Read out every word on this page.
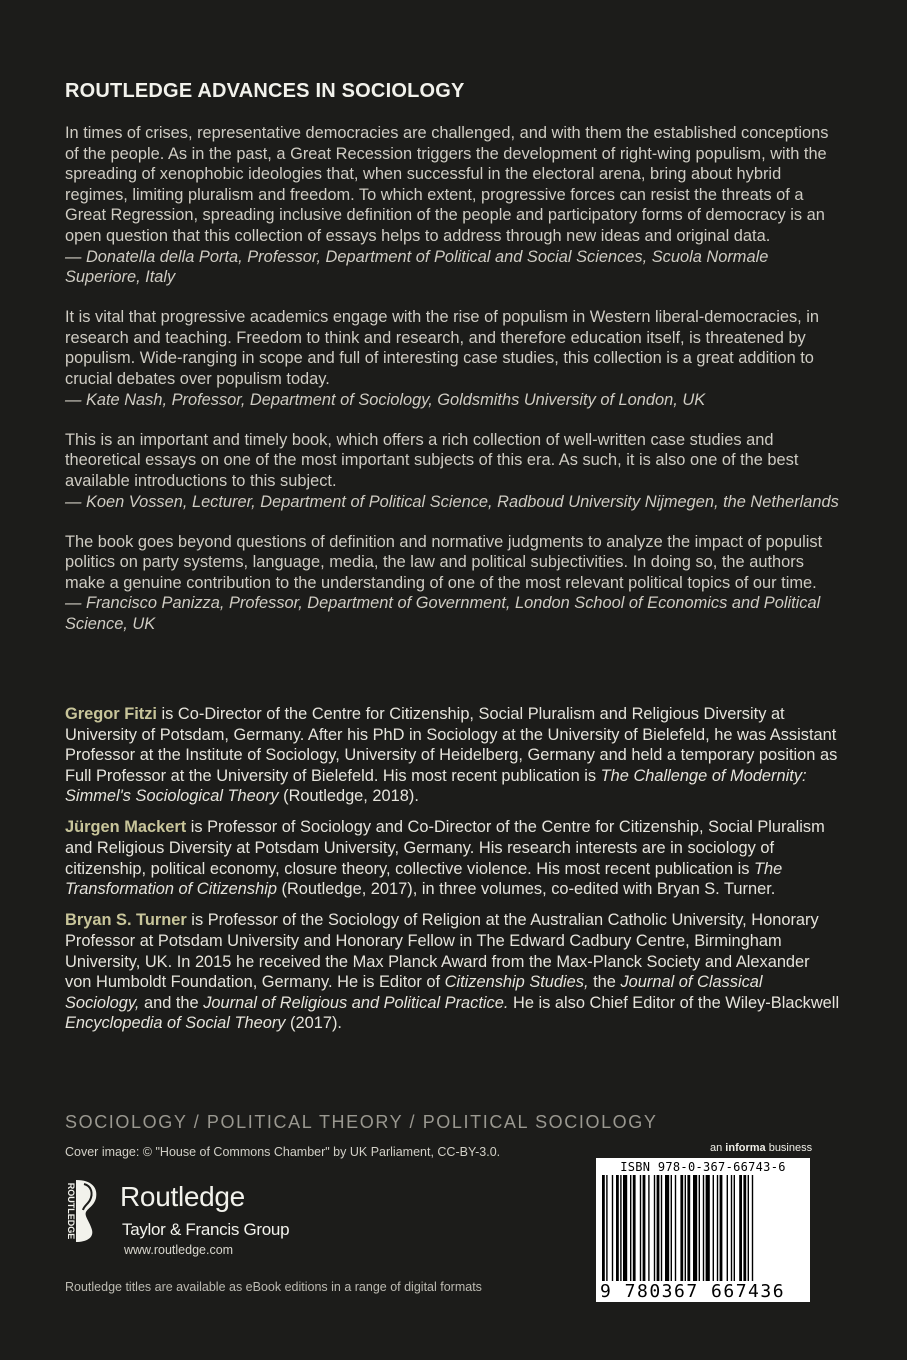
ROUTLEDGE ADVANCES IN SOCIOLOGY

In times of crises, representative democracies are challenged, and with them the established conceptions of the people. As in the past, a Great Recession triggers the development of right-wing populism, with the spreading of xenophobic ideologies that, when successful in the electoral arena, bring about hybrid regimes, limiting pluralism and freedom. To which extent, progressive forces can resist the threats of a Great Regression, spreading inclusive definition of the people and participatory forms of democracy is an open question that this collection of essays helps to address through new ideas and original data.

— Donatella della Porta, Professor, Department of Political and Social Sciences, Scuola Normale Superiore, Italy

It is vital that progressive academics engage with the rise of populism in Western liberal-democracies, in research and teaching. Freedom to think and research, and therefore education itself, is threatened by populism. Wide-ranging in scope and full of interesting case studies, this collection is a great addition to crucial debates over populism today.

— Kate Nash, Professor, Department of Sociology, Goldsmiths University of London, UK

This is an important and timely book, which offers a rich collection of well-written case studies and theoretical essays on one of the most important subjects of this era. As such, it is also one of the best available introductions to this subject.

— Koen Vossen, Lecturer, Department of Political Science, Radboud University Nijmegen, the Netherlands

The book goes beyond questions of definition and normative judgments to analyze the impact of populist politics on party systems, language, media, the law and political subjectivities. In doing so, the authors make a genuine contribution to the understanding of one of the most relevant political topics of our time.

— Francisco Panizza, Professor, Department of Government, London School of Economics and Political Science, UK

Gregor Fitzi is Co-Director of the Centre for Citizenship, Social Pluralism and Religious Diversity at University of Potsdam, Germany. After his PhD in Sociology at the University of Bielefeld, he was Assistant Professor at the Institute of Sociology, University of Heidelberg, Germany and held a temporary position as Full Professor at the University of Bielefeld. His most recent publication is The Challenge of Modernity: Simmel's Sociological Theory (Routledge, 2018).

Jürgen Mackert is Professor of Sociology and Co-Director of the Centre for Citizenship, Social Pluralism and Religious Diversity at Potsdam University, Germany. His research interests are in sociology of citizenship, political economy, closure theory, collective violence. His most recent publication is The Transformation of Citizenship (Routledge, 2017), in three volumes, co-edited with Bryan S. Turner.

Bryan S. Turner is Professor of the Sociology of Religion at the Australian Catholic University, Honorary Professor at Potsdam University and Honorary Fellow in The Edward Cadbury Centre, Birmingham University, UK. In 2015 he received the Max Planck Award from the Max-Planck Society and Alexander von Humboldt Foundation, Germany. He is Editor of Citizenship Studies, the Journal of Classical Sociology, and the Journal of Religious and Political Practice. He is also Chief Editor of the Wiley-Blackwell Encyclopedia of Social Theory (2017).

SOCIOLOGY / POLITICAL THEORY / POLITICAL SOCIOLOGY
Cover image: © "House of Commons Chamber" by UK Parliament, CC-BY-3.0.	an informa business
ISBN 978-0-367-66743-6
9 780367 667436
ROUTLEDGE Routledge
Taylor & Francis Group
www.routledge.com
Routledge titles are available as eBook editions in a range of digital formats
